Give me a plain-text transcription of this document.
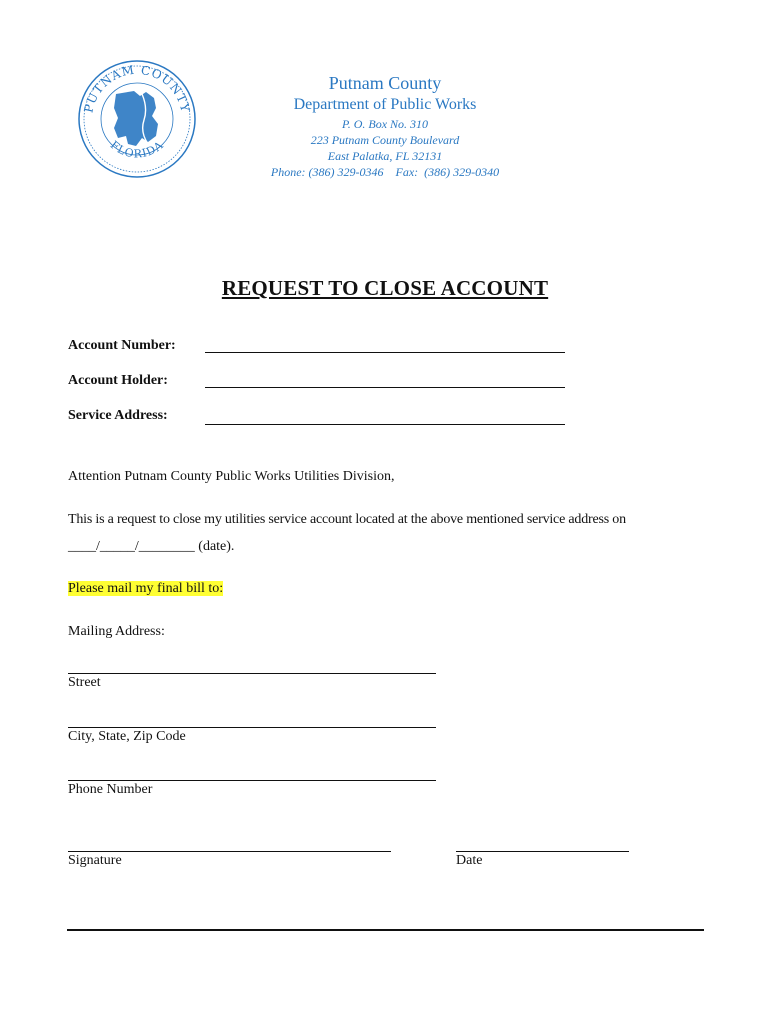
PUTNAM COUNTY
FLORIDA
Putnam County
Department of Public Works
P. O. Box No. 310
223 Putnam County Boulevard
East Palatka, FL 32131
Phone: (386) 329-0346    Fax:  (386) 329-0340
REQUEST TO CLOSE ACCOUNT
Account Number:
Account Holder:
Service Address:
Attention Putnam County Public Works Utilities Division,
This is a request to close my utilities service account located at the above mentioned service address on
____/_____/________ (date).
Please mail my final bill to:
Mailing Address:
Street
City, State, Zip Code
Phone Number
Signature	Date
